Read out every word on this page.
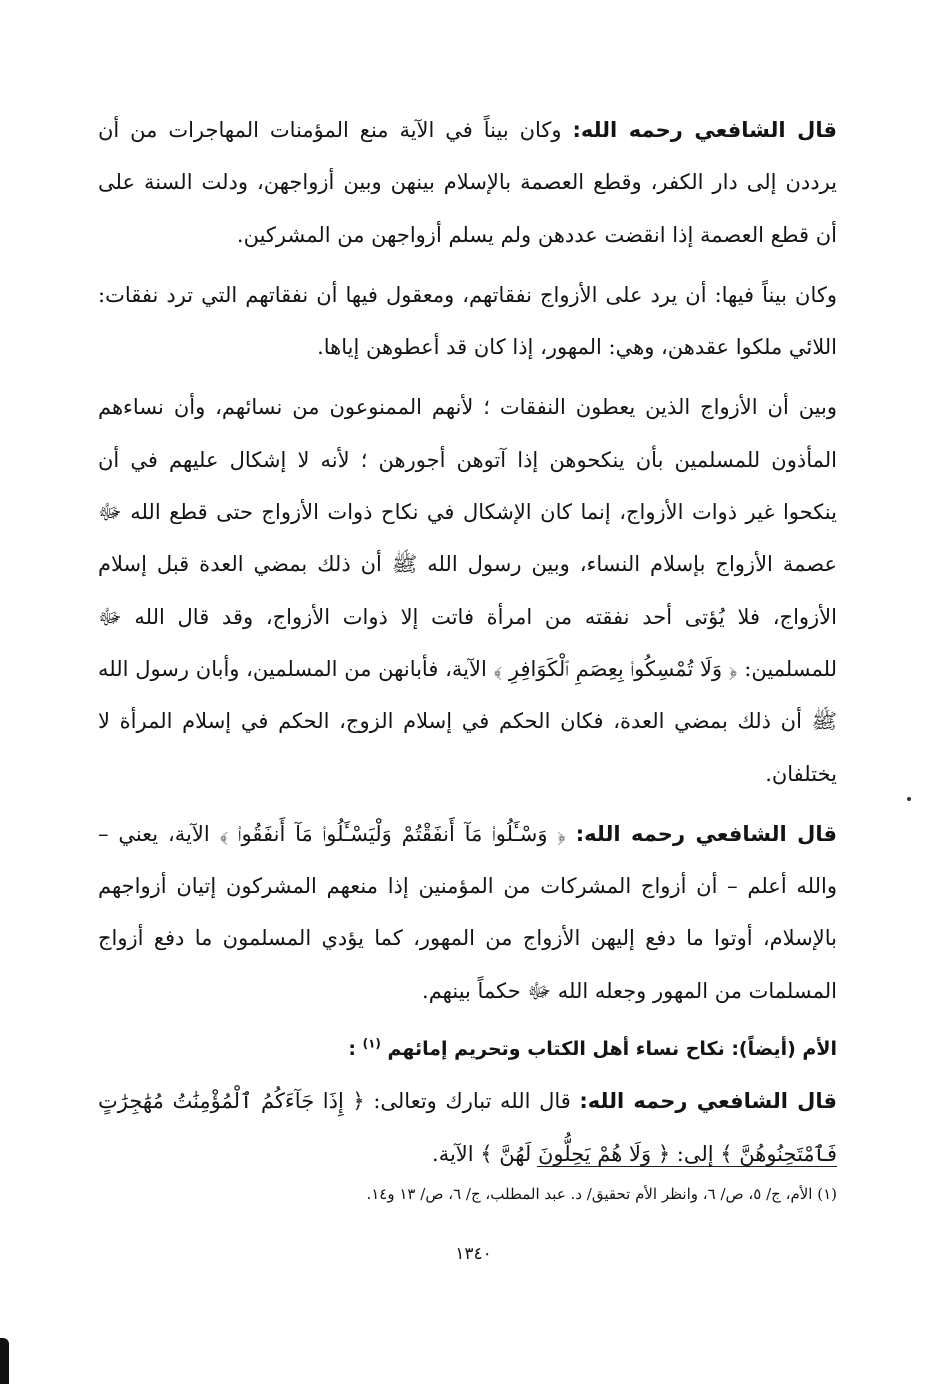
قال الشافعي رحمه الله: وكان بيناً في الآية منع المؤمنات المهاجرات من أن يرددن إلى دار الكفر، وقطع العصمة بالإسلام بينهن وبين أزواجهن، ودلت السنة على أن قطع العصمة إذا انقضت عددهن ولم يسلم أزواجهن من المشركين.

وكان بيناً فيها: أن يرد على الأزواج نفقاتهم، ومعقول فيها أن نفقاتهم التي ترد نفقات: اللائي ملكوا عقدهن، وهي: المهور، إذا كان قد أعطوهن إياها.

وبين أن الأزواج الذين يعطون النفقات ؛ لأنهم الممنوعون من نسائهم، وأن نساءهم المأذون للمسلمين بأن ينكحوهن إذا آتوهن أجورهن ؛ لأنه لا إشكال عليهم في أن ينكحوا غير ذوات الأزواج، إنما كان الإشكال في نكاح ذوات الأزواج حتى قطع الله ﷻ عصمة الأزواج بإسلام النساء، وبين رسول الله ﷺ أن ذلك بمضي العدة قبل إسلام الأزواج، فلا يُؤتى أحد نفقته من امرأة فاتت إلا ذوات الأزواج، وقد قال الله ﷻ للمسلمين: ﴿ وَلَا تُمْسِكُوا۟ بِعِصَمِ ٱلْكَوَافِرِ ﴾ الآية، فأبانهن من المسلمين، وأبان رسول الله ﷺ أن ذلك بمضي العدة، فكان الحكم في إسلام الزوج، الحكم في إسلام المرأة لا يختلفان.

قال الشافعي رحمه الله: ﴿ وَسْـَٔلُوا۟ مَآ أَنفَقْتُمْ وَلْيَسْـَٔلُوا۟ مَآ أَنفَقُوا۟ ﴾ الآية، يعني – والله أعلم – أن أزواج المشركات من المؤمنين إذا منعهم المشركون إتيان أزواجهم بالإسلام، أوتوا ما دفع إليهن الأزواج من المهور، كما يؤدي المسلمون ما دفع أزواج المسلمات من المهور وجعله الله ﷻ حكماً بينهم.

الأم (أيضاً): نكاح نساء أهل الكتاب وتحريم إمائهم $^{(١)}$ :

قال الشافعي رحمه الله: قال الله تبارك وتعالى: ﴿ إِذَا جَآءَكُمُ ٱلْمُؤْمِنَٰتُ مُهَٰجِرَٰتٍ فَٱمْتَحِنُوهُنَّ ﴾ إلى: ﴿ وَلَا هُمْ يَحِلُّونَ لَهُنَّ ﴾ الآية.

(١) الأم، ج/ ٥، ص/ ٦، وانظر الأم تحقيق/ د. عبد المطلب، ج/ ٦، ص/ ١٣ و١٤.
١٣٤٠
